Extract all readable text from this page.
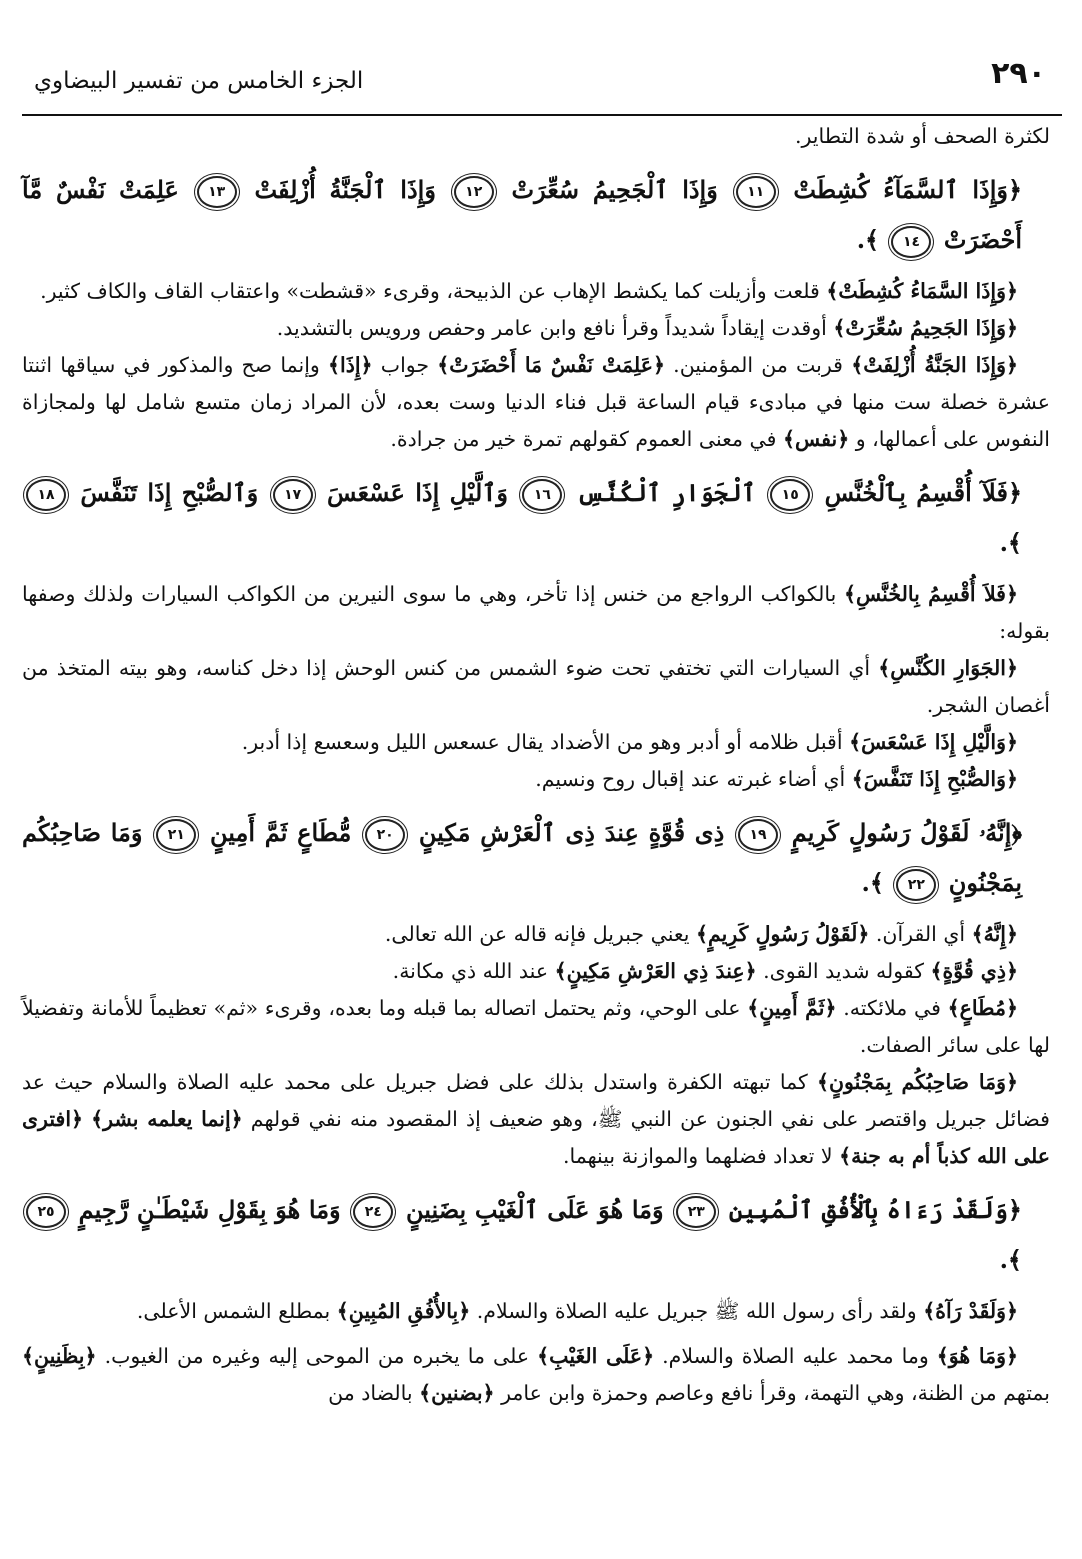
٢٩٠
الجزء الخامس من تفسير البيضاوي

لكثرة الصحف أو شدة التطاير.

﴿وَإِذَا ٱلسَّمَآءُ كُشِطَتْ ١١ وَإِذَا ٱلْجَحِيمُ سُعِّرَتْ ١٢ وَإِذَا ٱلْجَنَّةُ أُزْلِفَتْ ١٣ عَلِمَتْ نَفْسٌ مَّآ أَحْضَرَتْ ١٤ ﴾.

﴿وَإِذَا السَّمَاءُ كُشِطَتْ﴾ قلعت وأزيلت كما يكشط الإهاب عن الذبيحة، وقرىء «قشطت» واعتقاب القاف والكاف كثير.

﴿وَإِذَا الجَحِيمُ سُعِّرَتْ﴾ أوقدت إيقاداً شديداً وقرأ نافع وابن عامر وحفص ورويس بالتشديد.

﴿وَإِذَا الجَنَّةُ أُزْلِفَتْ﴾ قربت من المؤمنين. ﴿عَلِمَتْ نَفْسٌ مَا أَحْضَرَتْ﴾ جواب ﴿إِذَا﴾ وإنما صح والمذكور في سياقها اثنتا عشرة خصلة ست منها في مبادىء قيام الساعة قبل فناء الدنيا وست بعده، لأن المراد زمان متسع شامل لها ولمجازاة النفوس على أعمالها، و ﴿نفس﴾ في معنى العموم كقولهم تمرة خير من جرادة.

﴿فَلَآ أُقْسِمُ بِٱلْخُنَّسِ ١٥ ٱلْجَوَارِ ٱلْكُنَّسِ ١٦ وَٱلَّيْلِ إِذَا عَسْعَسَ ١٧ وَٱلصُّبْحِ إِذَا تَنَفَّسَ ١٨ ﴾.

﴿فَلاَ أُقْسِمُ بِالخُنَّسِ﴾ بالكواكب الرواجع من خنس إذا تأخر، وهي ما سوى النيرين من الكواكب السيارات ولذلك وصفها بقوله:

﴿الجَوَارِ الكُنَّسِ﴾ أي السيارات التي تختفي تحت ضوء الشمس من كنس الوحش إذا دخل كناسه، وهو بيته المتخذ من أغصان الشجر.

﴿وَالَّيْلِ إِذَا عَسْعَسَ﴾ أقبل ظلامه أو أدبر وهو من الأضداد يقال عسعس الليل وسعسع إذا أدبر.

﴿وَالصُّبْحِ إِذَا تَنَفَّسَ﴾ أي أضاء غبرته عند إقبال روح ونسيم.

﴿إِنَّهُۥ لَقَوْلُ رَسُولٍ كَرِيمٍ ١٩ ذِى قُوَّةٍ عِندَ ذِى ٱلْعَرْشِ مَكِينٍ ٢٠ مُّطَاعٍ ثَمَّ أَمِينٍ ٢١ وَمَا صَاحِبُكُم بِمَجْنُونٍ ٢٢ ﴾.

﴿إِنَّهُ﴾ أي القرآن. ﴿لَقَوْلُ رَسُولٍ كَرِيمٍ﴾ يعني جبريل فإنه قاله عن الله تعالى.

﴿ذِي قُوَّةٍ﴾ كقوله شديد القوى. ﴿عِندَ ذِي العَرْشِ مَكِينٍ﴾ عند الله ذي مكانة.

﴿مُطَاعٍ﴾ في ملائكته. ﴿ثَمَّ أَمِينٍ﴾ على الوحي، وثم يحتمل اتصاله بما قبله وما بعده، وقرىء «ثم» تعظيماً للأمانة وتفضيلاً لها على سائر الصفات.

﴿وَمَا صَاحِبُكُم بِمَجْنُونٍ﴾ كما تبهته الكفرة واستدل بذلك على فضل جبريل على محمد عليه الصلاة والسلام حيث عد فضائل جبريل واقتصر على نفي الجنون عن النبي ﷺ، وهو ضعيف إذ المقصود منه نفي قولهم ﴿إنما يعلمه بشر﴾ ﴿افترى على الله كذباً أم به جنة﴾ لا تعداد فضلهما والموازنة بينهما.

﴿وَلَقَدْ رَءَاهُ بِٱلْأُفُقِ ٱلْمُبِينِ ٢٣ وَمَا هُوَ عَلَى ٱلْغَيْبِ بِضَنِينٍ ٢٤ وَمَا هُوَ بِقَوْلِ شَيْطَـٰنٍ رَّجِيمٍ ٢٥ ﴾.

﴿وَلَقَدْ رَآهُ﴾ ولقد رأى رسول الله ﷺ جبريل عليه الصلاة والسلام. ﴿بِالأُفُقِ المُبِينِ﴾ بمطلع الشمس الأعلى.

﴿وَمَا هُوَ﴾ وما محمد عليه الصلاة والسلام. ﴿عَلَى الغَيْبِ﴾ على ما يخبره من الموحى إليه وغيره من الغيوب. ﴿بِظَنِينٍ﴾ بمتهم من الظنة، وهي التهمة، وقرأ نافع وعاصم وحمزة وابن عامر ﴿بضنين﴾ بالضاد من
